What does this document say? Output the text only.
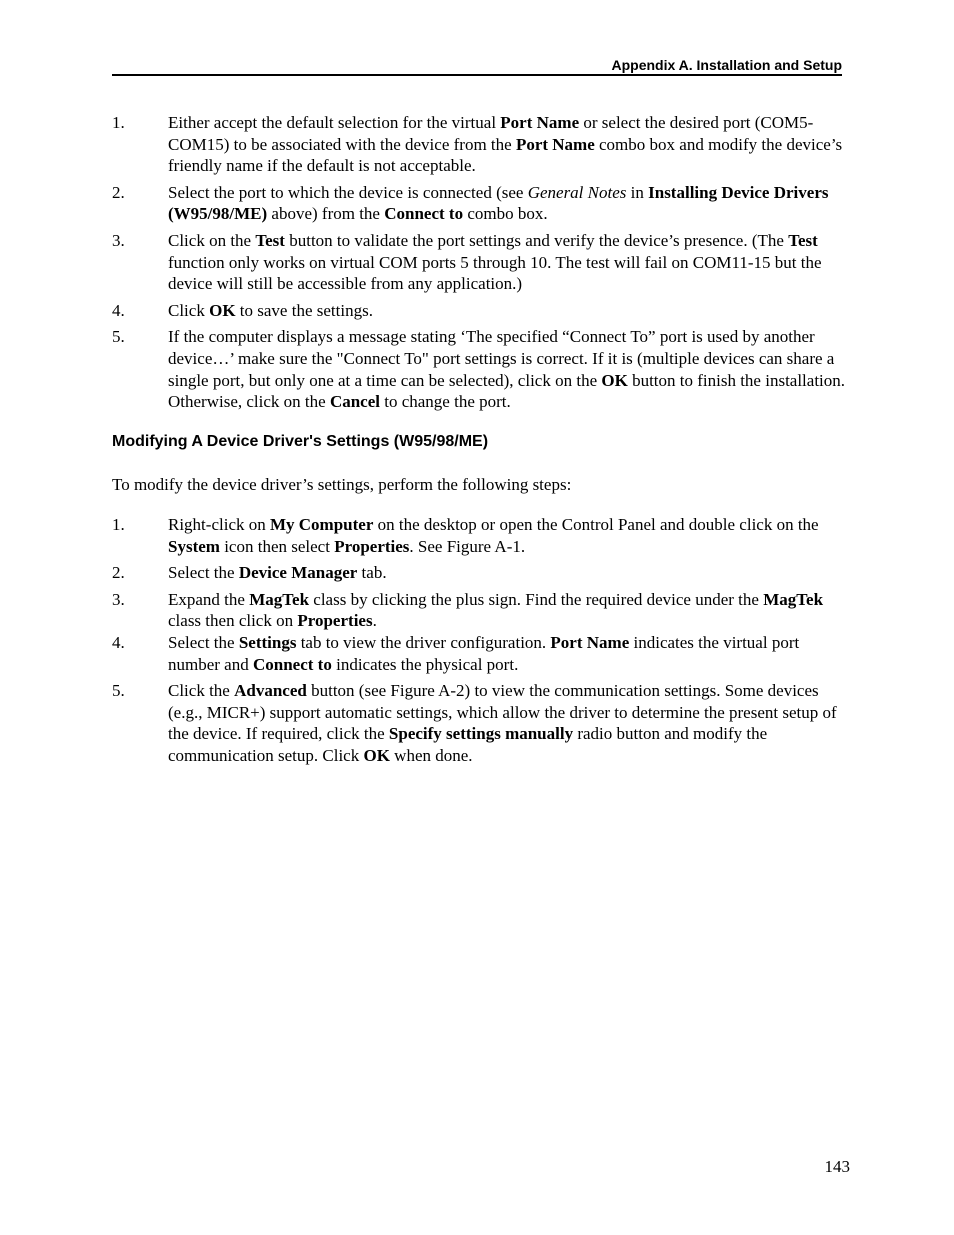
Appendix A. Installation and Setup
1.	Either accept the default selection for the virtual Port Name or select the desired port (COM5-COM15) to be associated with the device from the Port Name combo box and modify the device’s friendly name if the default is not acceptable.
2.	Select the port to which the device is connected (see General Notes in Installing Device Drivers (W95/98/ME) above) from the Connect to combo box.
3.	Click on the Test button to validate the port settings and verify the device’s presence. (The Test function only works on virtual COM ports 5 through 10. The test will fail on COM11-15 but the device will still be accessible from any application.)
4.	Click OK to save the settings.
5.	If the computer displays a message stating ‘The specified “Connect To” port is used by another device…’ make sure the "Connect To" port settings is correct. If it is (multiple devices can share a single port, but only one at a time can be selected), click on the OK button to finish the installation. Otherwise, click on the Cancel to change the port.
Modifying A Device Driver's Settings (W95/98/ME)

To modify the device driver’s settings, perform the following steps:

1.	Right-click on My Computer on the desktop or open the Control Panel and double click on the System icon then select Properties. See Figure A-1.
2.	Select the Device Manager tab.
3.	Expand the MagTek class by clicking the plus sign. Find the required device under the MagTek class then click on Properties.
4.	Select the Settings tab to view the driver configuration. Port Name indicates the virtual port number and Connect to indicates the physical port.
5.	Click the Advanced button (see Figure A-2) to view the communication settings. Some devices (e.g., MICR+) support automatic settings, which allow the driver to determine the present setup of the device. If required, click the Specify settings manually radio button and modify the communication setup. Click OK when done.
143
